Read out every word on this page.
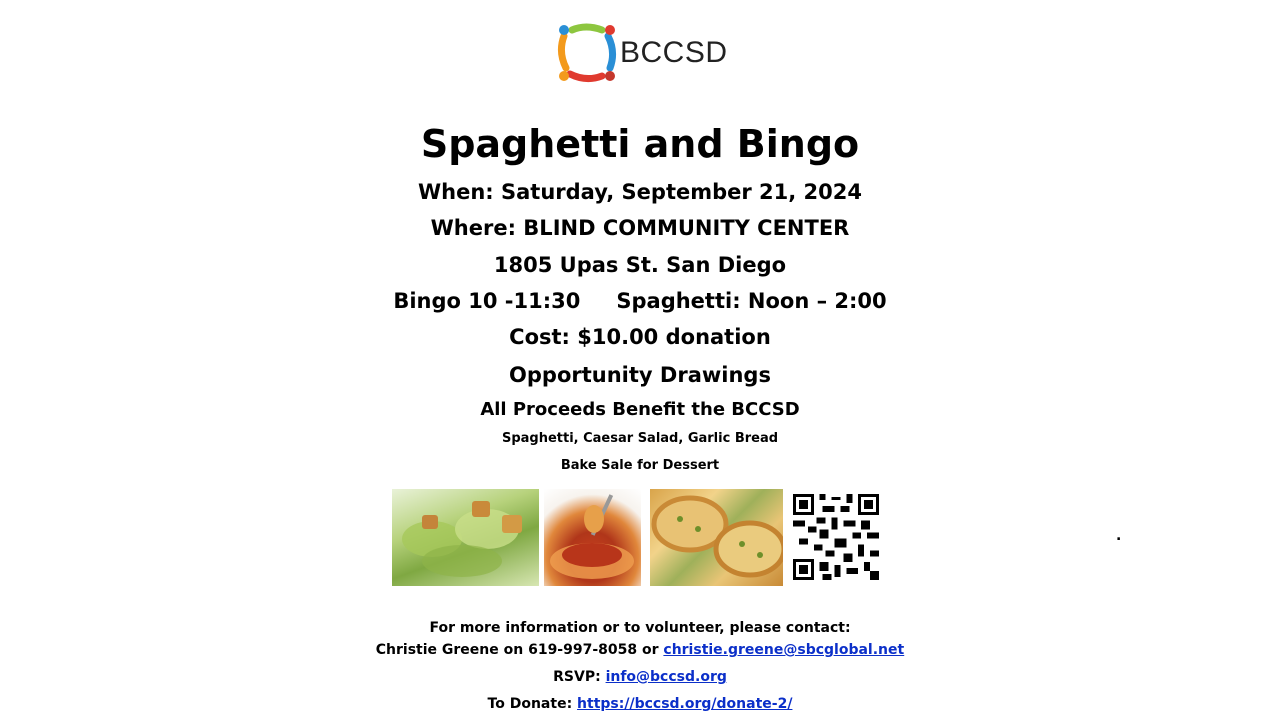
BCCSD
Spaghetti and Bingo
When: Saturday, September 21, 2024
Where: BLIND COMMUNITY CENTER
1805 Upas St. San Diego
Bingo 10 -11:30 Spaghetti: Noon – 2:00
Cost: $10.00 donation
Opportunity Drawings
All Proceeds Benefit the BCCSD
Spaghetti, Caesar Salad, Garlic Bread
Bake Sale for Dessert
.
For more information or to volunteer, please contact:
Christie Greene on 619-997-8058 or christie.greene@sbcglobal.net
RSVP: info@bccsd.org
To Donate: https://bccsd.org/donate-2/
